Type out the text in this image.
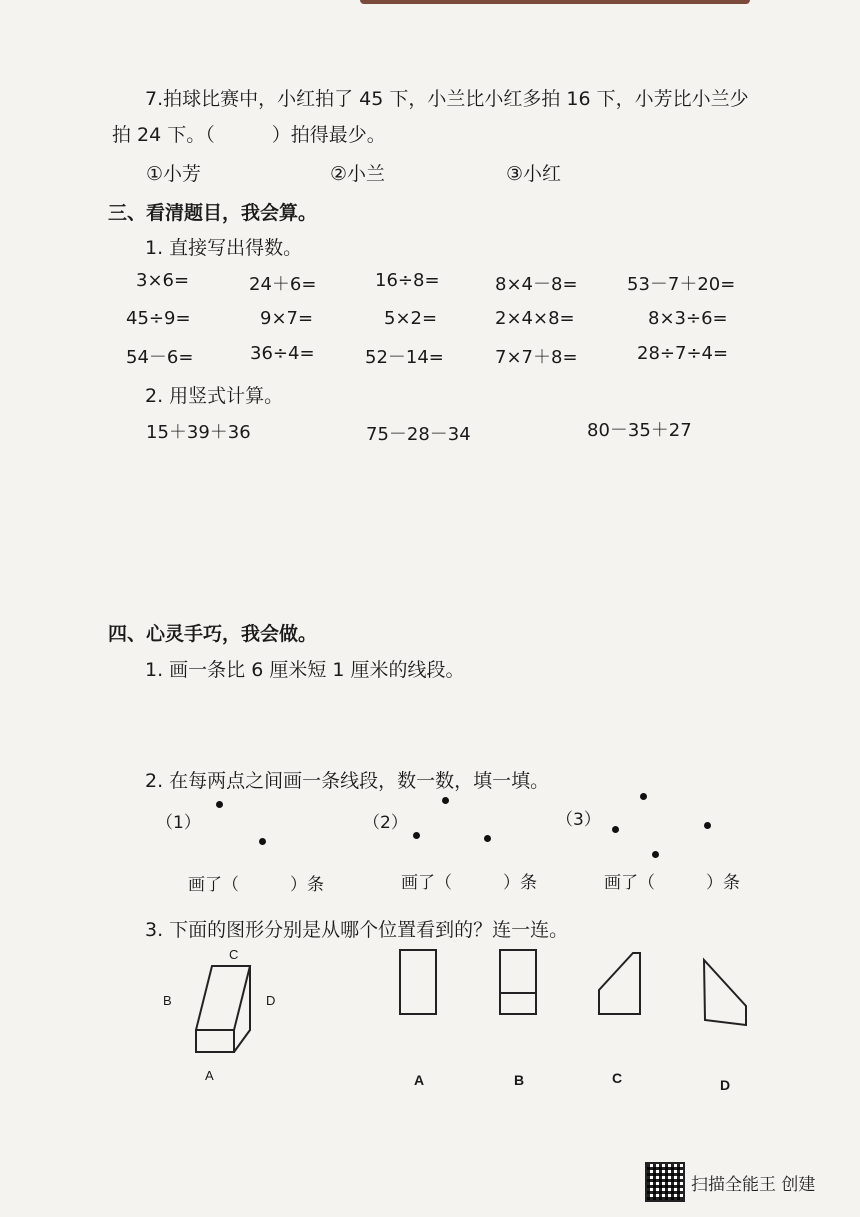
7.拍球比赛中，小红拍了 45 下，小兰比小红多拍 16 下，小芳比小兰少
拍 24 下。（　　　）拍得最少。
①小芳	②小兰	③小红
三、看清题目，我会算。
1. 直接写出得数。
3×6=	24＋6=	16÷8=	8×4－8=	53－7＋20=
45÷9=	9×7=	5×2=	2×4×8=	8×3÷6=
54－6=	36÷4=	52－14=	7×7＋8=	28÷7÷4=
2. 用竖式计算。
15＋39＋36	75－28－34	80－35＋27
四、心灵手巧，我会做。
1. 画一条比 6 厘米短 1 厘米的线段。
2. 在每两点之间画一条线段，数一数，填一填。
（1）
画了（　　　）条
（2）
画了（　　　）条
（3）
画了（　　　）条
3. 下面的图形分别是从哪个位置看到的？连一连。
C
B	D
A	A	B	C	D
扫描全能王 创建
